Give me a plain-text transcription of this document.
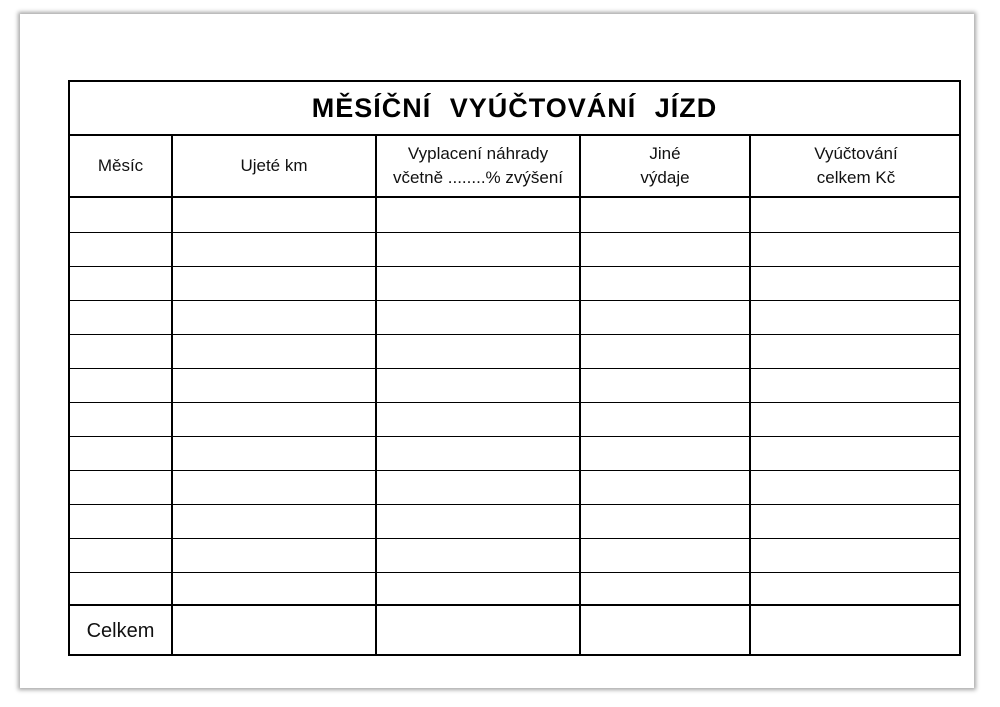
MĚSÍČNÍ VYÚČTOVÁNÍ JÍZD
Měsíc	Ujeté km
Vyplacení náhrady
včetně ........% zvýšení
Jiné
výdaje
Vyúčtování
celkem Kč
Celkem
